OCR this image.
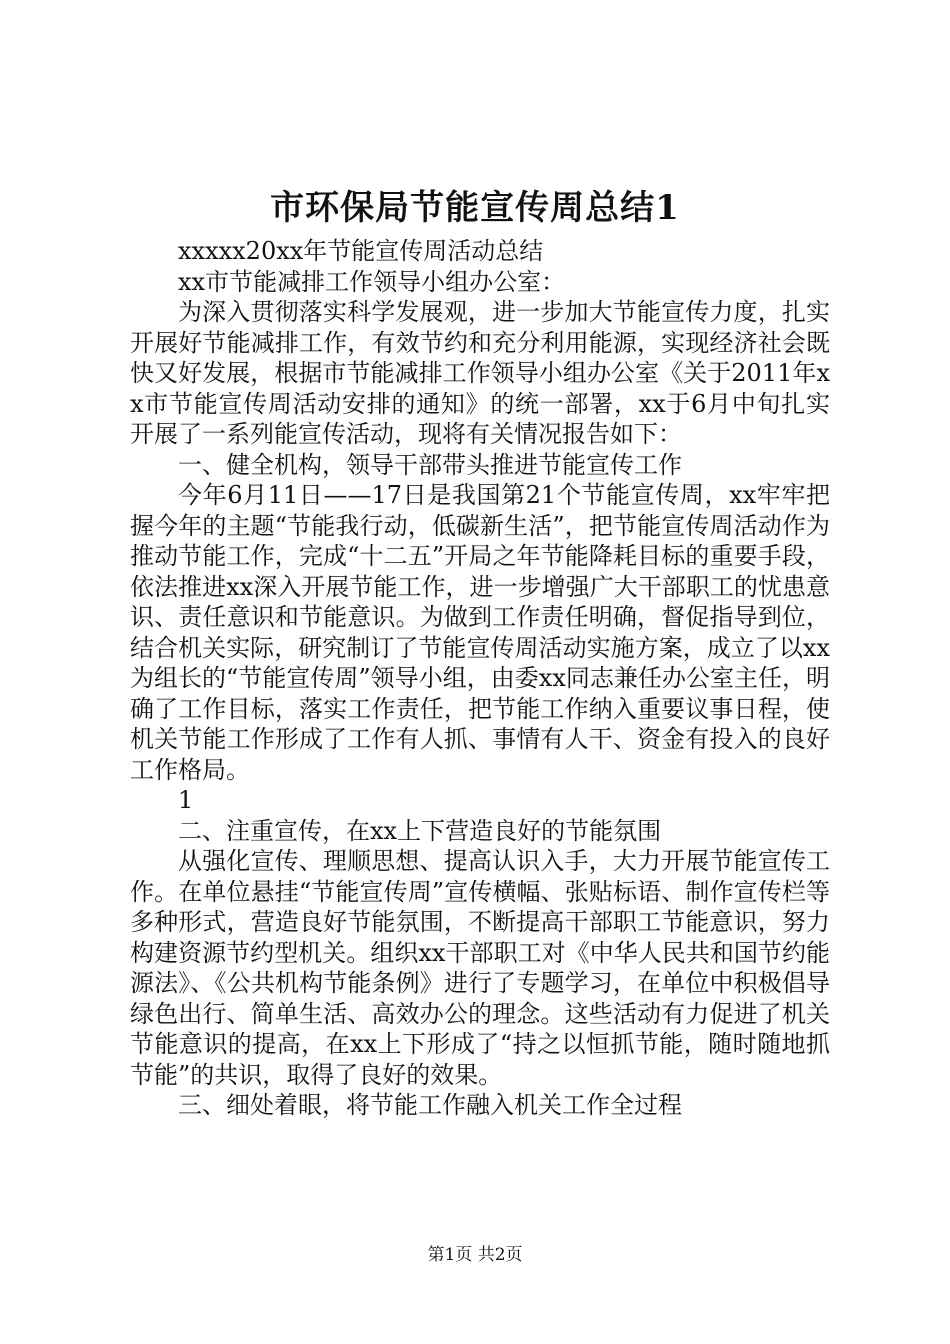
市环保局节能宣传周总结1

xxxxx20xx年节能宣传周活动总结

xx市节能减排工作领导小组办公室：

为深入贯彻落实科学发展观，进一步加大节能宣传力度，扎实开展好节能减排工作，有效节约和充分利用能源，实现经济社会既快又好发展，根据市节能减排工作领导小组办公室《关于2011年xx市节能宣传周活动安排的通知》的统一部署，xx于6月中旬扎实开展了一系列能宣传活动，现将有关情况报告如下：

一、健全机构，领导干部带头推进节能宣传工作

今年6月11日——17日是我国第21个节能宣传周，xx牢牢把握今年的主题“节能我行动，低碳新生活”，把节能宣传周活动作为推动节能工作，完成“十二五”开局之年节能降耗目标的重要手段，依法推进xx深入开展节能工作，进一步增强广大干部职工的忧患意识、责任意识和节能意识。为做到工作责任明确，督促指导到位，结合机关实际，研究制订了节能宣传周活动实施方案，成立了以xx为组长的“节能宣传周”领导小组，由委xx同志兼任办公室主任，明确了工作目标，落实工作责任，把节能工作纳入重要议事日程，使机关节能工作形成了工作有人抓、事情有人干、资金有投入的良好工作格局。

1

二、注重宣传，在xx上下营造良好的节能氛围

从强化宣传、理顺思想、提高认识入手，大力开展节能宣传工作。在单位悬挂“节能宣传周”宣传横幅、张贴标语、制作宣传栏等多种形式，营造良好节能氛围，不断提高干部职工节能意识，努力构建资源节约型机关。组织xx干部职工对《中华人民共和国节约能源法》、《公共机构节能条例》进行了专题学习，在单位中积极倡导绿色出行、简单生活、高效办公的理念。这些活动有力促进了机关节能意识的提高，在xx上下形成了“持之以恒抓节能，随时随地抓节能”的共识，取得了良好的效果。

三、细处着眼，将节能工作融入机关工作全过程

第1页 共2页
